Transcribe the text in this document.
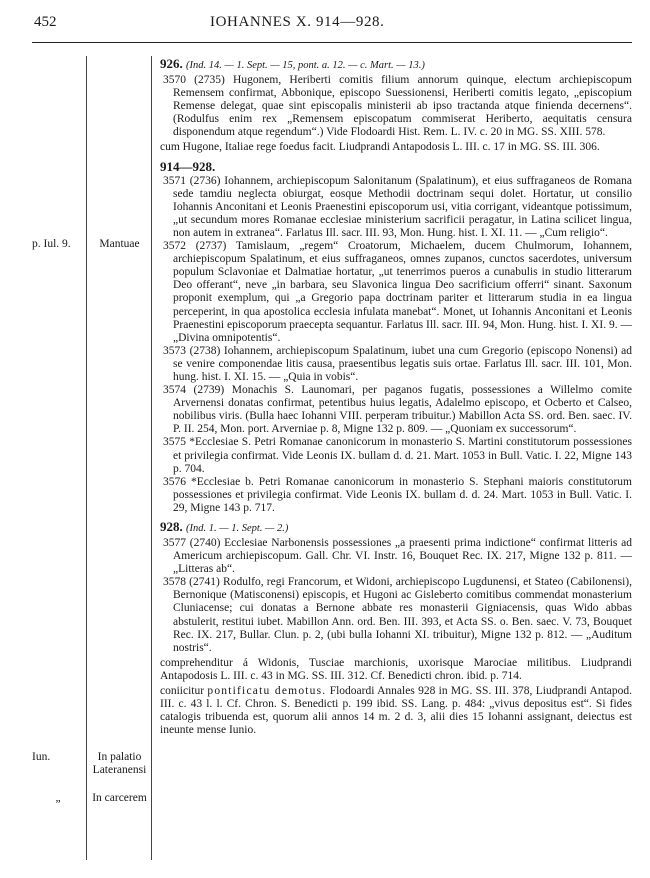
452	IOHANNES X. 914—928.
p. Iul. 9.	Mantuae
Iun.	In palatio
Lateranensi
„	In carcerem
926. (Ind. 14. — 1. Sept. — 15, pont. a. 12. — c. Mart. — 13.)

3570 (2735) Hugonem, Heriberti comitis filium annorum quinque, electum archiepiscopum Remensem confirmat, Abbonique, episcopo Suessionensi, Heriberti comitis legato, „episcopium Remense delegat, quae sint episcopalis ministerii ab ipso tractanda atque finienda decernens“. (Rodulfus enim rex „Remensem episcopatum commiserat Heriberto, aequitatis censura disponendum atque regendum“.) Vide Flodoardi Hist. Rem. L. IV. c. 20 in MG. SS. XIII. 578.

cum Hugone, Italiae rege foedus facit. Liudprandi Antapodosis L. III. c. 17 in MG. SS. III. 306.

914—928.

3571 (2736) Iohannem, archiepiscopum Salonitanum (Spalatinum), et eius suffraganeos de Romana sede tamdiu neglecta obiurgat, eosque Methodii doctrinam sequi dolet. Hortatur, ut consilio Iohannis Anconitani et Leonis Praenestini episcoporum usi, vitia corrigant, videantque potissimum, „ut secundum mores Romanae ecclesiae ministerium sacrificii peragatur, in Latina scilicet lingua, non autem in extranea“. Farlatus Ill. sacr. III. 93, Mon. Hung. hist. I. XI. 11. — „Cum religio“.

3572 (2737) Tamislaum, „regem“ Croatorum, Michaelem, ducem Chulmorum, Iohannem, archiepiscopum Spalatinum, et eius suffraganeos, omnes zupanos, cunctos sacerdotes, universum populum Sclavoniae et Dalmatiae hortatur, „ut tenerrimos pueros a cunabulis in studio litterarum Deo offerant“, neve „in barbara, seu Slavonica lingua Deo sacrificium offerri“ sinant. Saxonum proponit exemplum, qui „a Gregorio papa doctrinam pariter et litterarum studia in ea lingua perceperint, in qua apostolica ecclesia infulata manebat“. Monet, ut Iohannis Anconitani et Leonis Praenestini episcoporum praecepta sequantur. Farlatus Ill. sacr. III. 94, Mon. Hung. hist. I. XI. 9. — „Divina omnipotentis“.

3573 (2738) Iohannem, archiepiscopum Spalatinum, iubet una cum Gregorio (episcopo Nonensi) ad se venire componendae litis causa, praesentibus legatis suis ortae. Farlatus Ill. sacr. III. 101, Mon. hung. hist. I. XI. 15. — „Quia in vobis“.

3574 (2739) Monachis S. Launomari, per paganos fugatis, possessiones a Willelmo comite Arvernensi donatas confirmat, petentibus huius legatis, Adalelmo episcopo, et Ocberto et Calseo, nobilibus viris. (Bulla haec Iohanni VIII. perperam tribuitur.) Mabillon Acta SS. ord. Ben. saec. IV. P. II. 254, Mon. port. Arverniae p. 8, Migne 132 p. 809. — „Quoniam ex successorum“.

3575 *Ecclesiae S. Petri Romanae canonicorum in monasterio S. Martini constitutorum possessiones et privilegia confirmat. Vide Leonis IX. bullam d. d. 21. Mart. 1053 in Bull. Vatic. I. 22, Migne 143 p. 704.

3576 *Ecclesiae b. Petri Romanae canonicorum in monasterio S. Stephani maioris constitutorum possessiones et privilegia confirmat. Vide Leonis IX. bullam d. d. 24. Mart. 1053 in Bull. Vatic. I. 29, Migne 143 p. 717.

928. (Ind. 1. — 1. Sept. — 2.)

3577 (2740) Ecclesiae Narbonensis possessiones „a praesenti prima indictione“ confirmat litteris ad Americum archiepiscopum. Gall. Chr. VI. Instr. 16, Bouquet Rec. IX. 217, Migne 132 p. 811. — „Litteras ab“.

3578 (2741) Rodulfo, regi Francorum, et Widoni, archiepiscopo Lugdunensi, et Stateo (Cabilonensi), Bernonique (Matisconensi) episcopis, et Hugoni ac Gisleberto comitibus commendat monasterium Cluniacense; cui donatas a Bernone abbate res monasterii Gigniacensis, quas Wido abbas abstulerit, restitui iubet. Mabillon Ann. ord. Ben. III. 393, et Acta SS. o. Ben. saec. V. 73, Bouquet Rec. IX. 217, Bullar. Clun. p. 2, (ubi bulla Iohanni XI. tribuitur), Migne 132 p. 812. — „Auditum nostris“.

comprehenditur á Widonis, Tusciae marchionis, uxorisque Marociae militibus. Liudprandi Antapodosis L. III. c. 43 in MG. SS. III. 312. Cf. Benedicti chron. ibid. p. 714.

coniicitur pontificatu demotus. Flodoardi Annales 928 in MG. SS. III. 378, Liudprandi Antapod. III. c. 43 l. l. Cf. Chron. S. Benedicti p. 199 ibid. SS. Lang. p. 484: „vivus depositus est“. Si fides catalogis tribuenda est, quorum alii annos 14 m. 2 d. 3, alii dies 15 Iohanni assignant, deiectus est ineunte mense Iunio.
